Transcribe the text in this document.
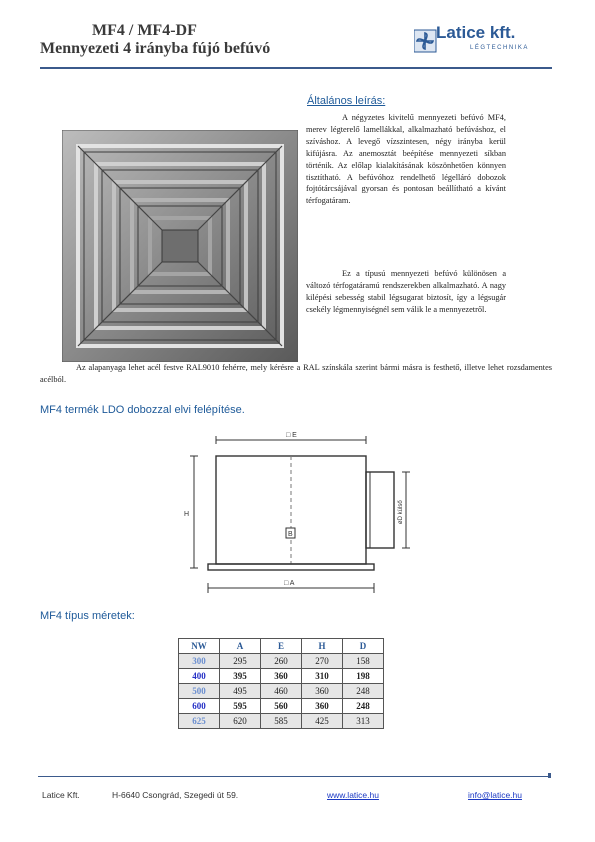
MF4 / MF4-DF
Mennyezeti 4 irányba fújó befúvó
Latice kft.
LÉGTECHNIKA
Általános leírás:
A négyzetes kivitelű mennyezeti befúvó MF4, merev légterelő lamellákkal, alkalmazható befúváshoz, el szíváshoz. A levegő vízszintesen, négy irányba kerül kifújásra. Az anemosztát beépítése mennyezeti síkban történik. Az előlap kialakításának köszönhetően könnyen tisztítható. A befúvóhoz rendelhető légelláró dobozok fojtótárcsájával gyorsan és pontosan beállítható a kívánt térfogatáram.
Ez a típusú mennyezeti befúvó különösen a változó térfogatáramú rendszerekben alkalmazható. A nagy kilépési sebesség stabil légsugarat biztosít, így a légsugár csekély légmennyiségnél sem válik le a mennyezetről.
Az alapanyaga lehet acél festve RAL9010 fehérre, mely kérésre a RAL színskála szerint bármi másra is festhető, illetve lehet rozsdamentes acélból.
MF4 termék LDO dobozzal elvi felépítése.
□ E
H	øD külső
□ A
B
MF4 típus méretek:
NW	A	E	H	D
300	295	260	270	158
400	395	360	310	198
500	495	460	360	248
600	595	560	360	248
625	620	585	425	313
Latice Kft.	H-6640 Csongrád, Szegedi út 59.	www.latice.hu	info@latice.hu
